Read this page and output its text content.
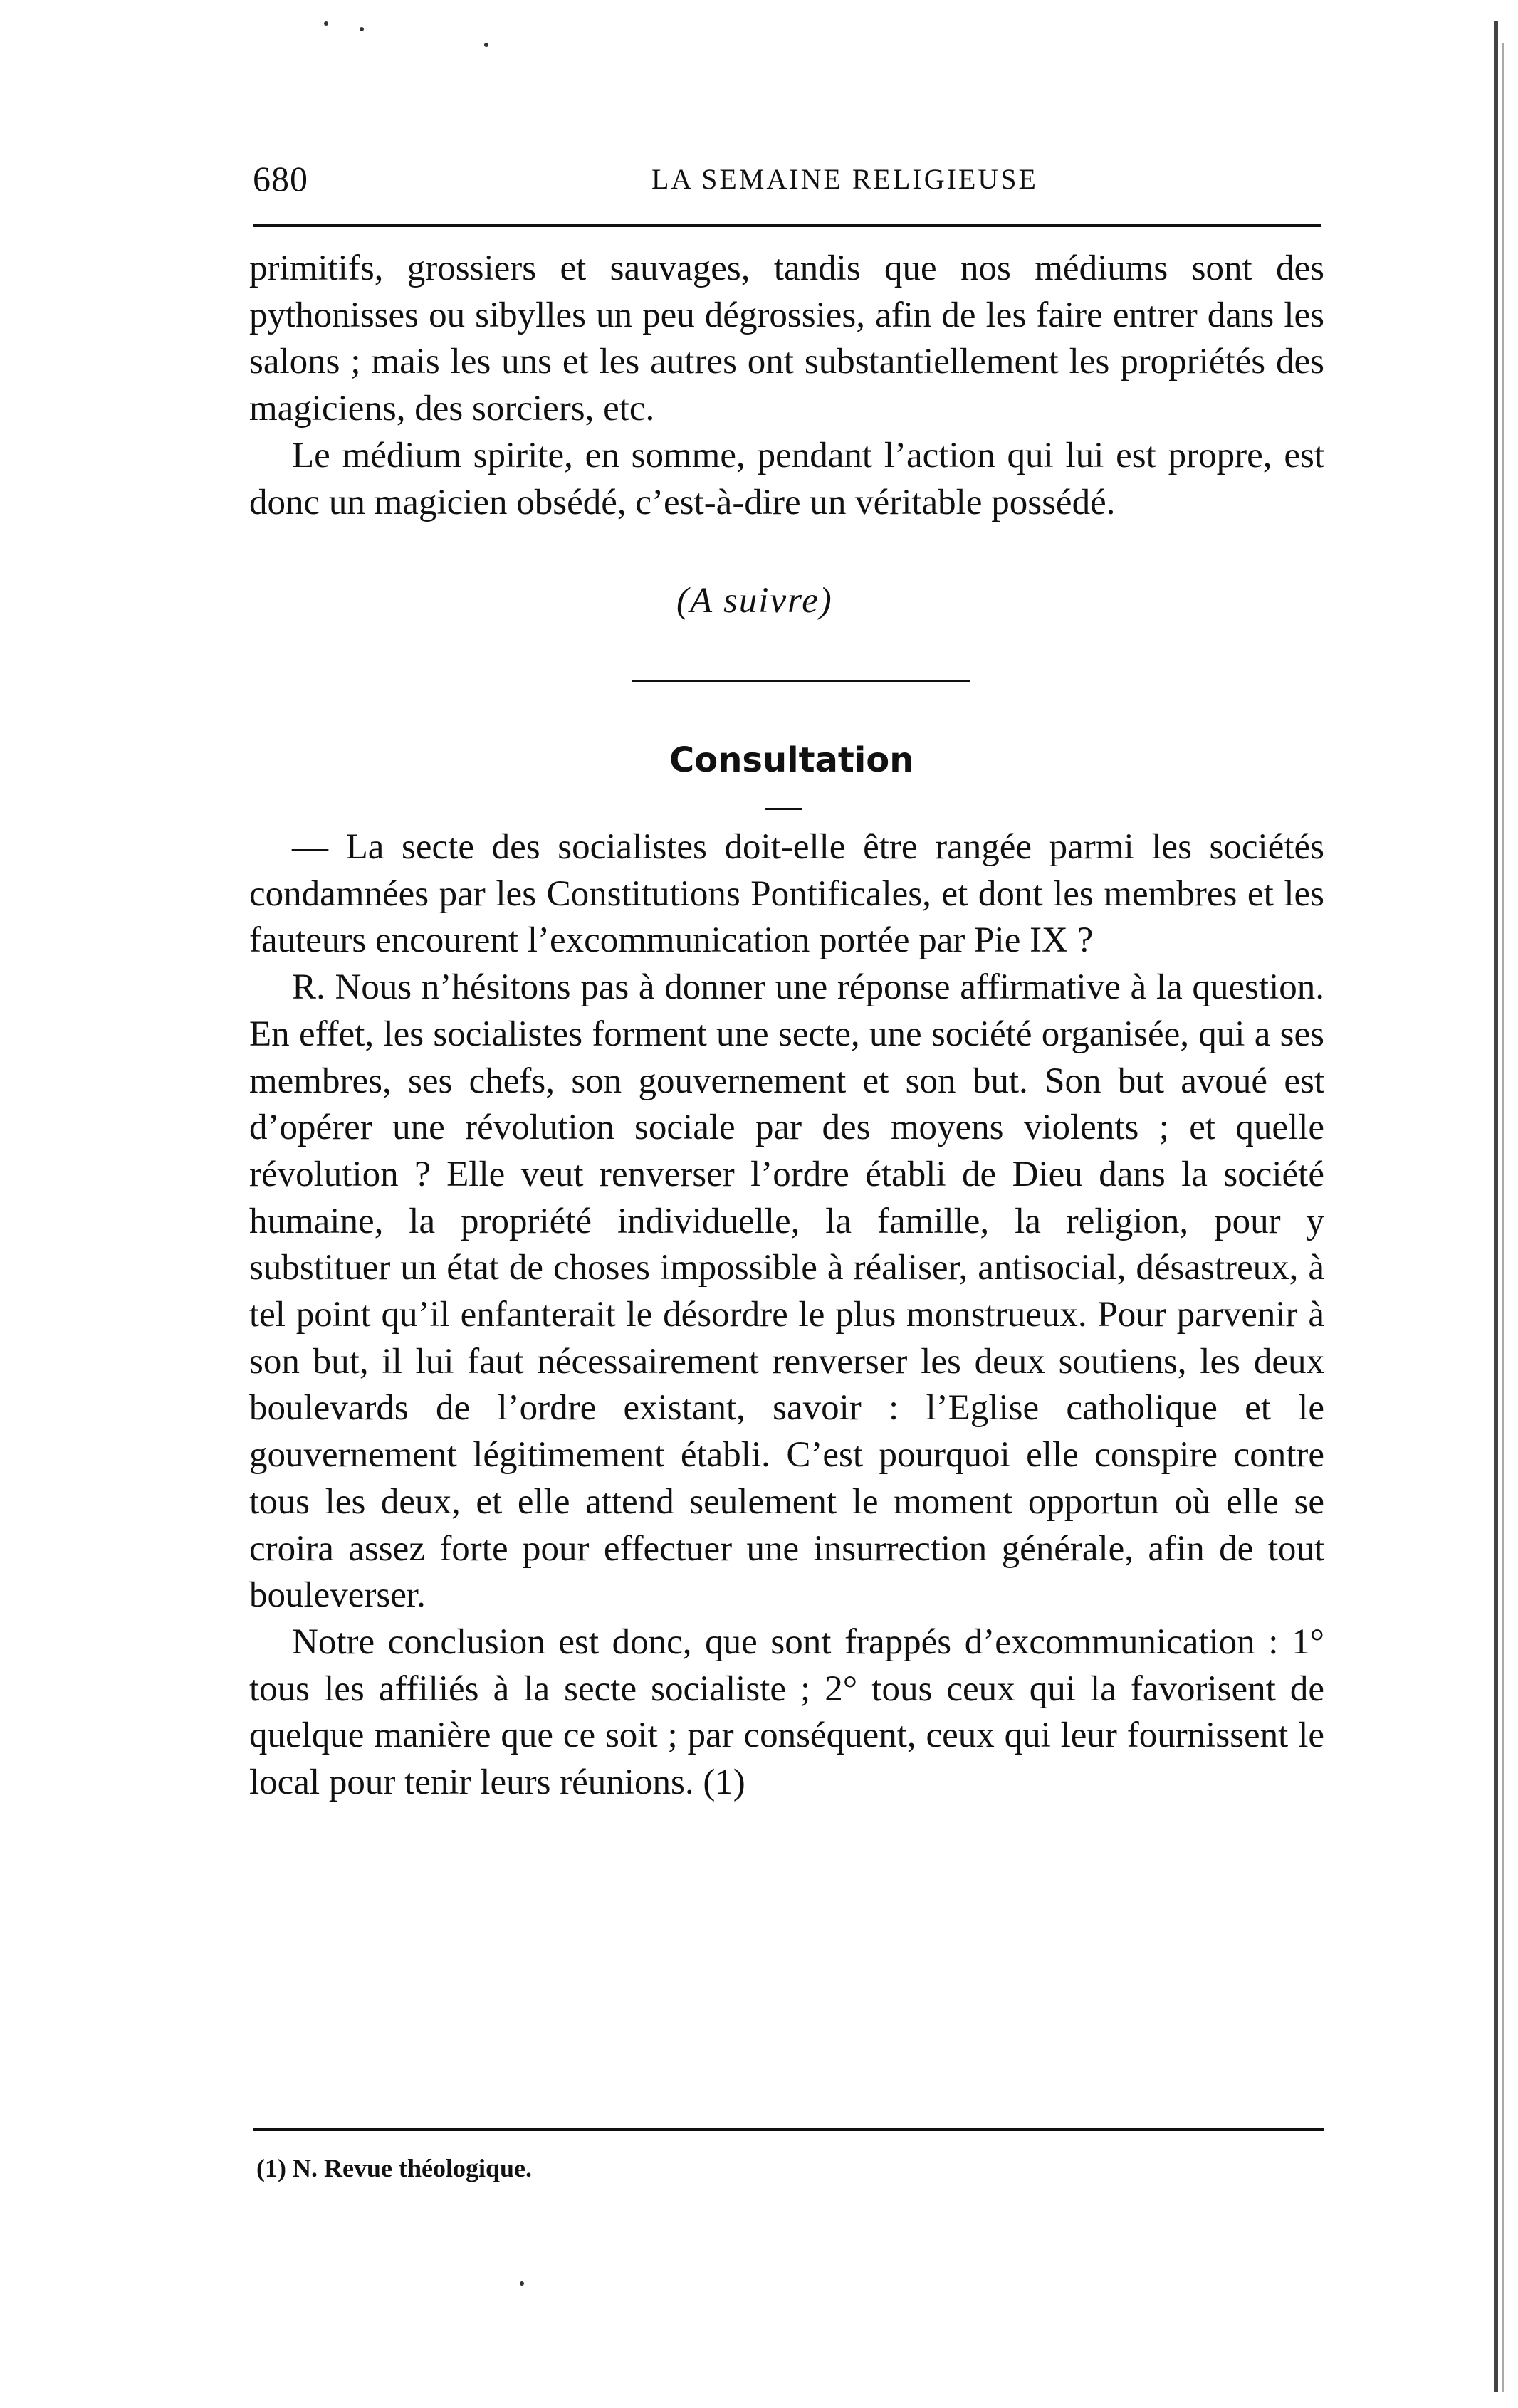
680	LA SEMAINE RELIGIEUSE

primitifs, grossiers et sauvages, tandis que nos médiums sont des pythonisses ou sibylles un peu dégrossies, afin de les faire entrer dans les salons ; mais les uns et les autres ont substantiellement les propriétés des magiciens, des sorciers, etc.

Le médium spirite, en somme, pendant l’action qui lui est propre, est donc un magicien obsédé, c’est-à-dire un véritable possédé.

(A suivre)
Consultation

— La secte des socialistes doit-elle être rangée parmi les sociétés condamnées par les Constitutions Pontificales, et dont les membres et les fauteurs encourent l’excommunication portée par Pie IX ?

R. Nous n’hésitons pas à donner une réponse affirmative à la question. En effet, les socialistes forment une secte, une société organisée, qui a ses membres, ses chefs, son gouvernement et son but. Son but avoué est d’opérer une révolution sociale par des moyens violents ; et quelle révolution ? Elle veut renverser l’ordre établi de Dieu dans la société humaine, la propriété individuelle, la famille, la religion, pour y substituer un état de choses impossible à réaliser, antisocial, désastreux, à tel point qu’il enfanterait le désordre le plus monstrueux. Pour parvenir à son but, il lui faut nécessairement renverser les deux soutiens, les deux boulevards de l’ordre existant, savoir : l’Eglise catholique et le gouvernement légitimement établi. C’est pourquoi elle conspire contre tous les deux, et elle attend seulement le moment opportun où elle se croira assez forte pour effectuer une insurrection générale, afin de tout bouleverser.

Notre conclusion est donc, que sont frappés d’excommunication : 1° tous les affiliés à la secte socialiste ; 2° tous ceux qui la favorisent de quelque manière que ce soit ; par conséquent, ceux qui leur fournissent le local pour tenir leurs réunions. (1)

(1) N. Revue théologique.
